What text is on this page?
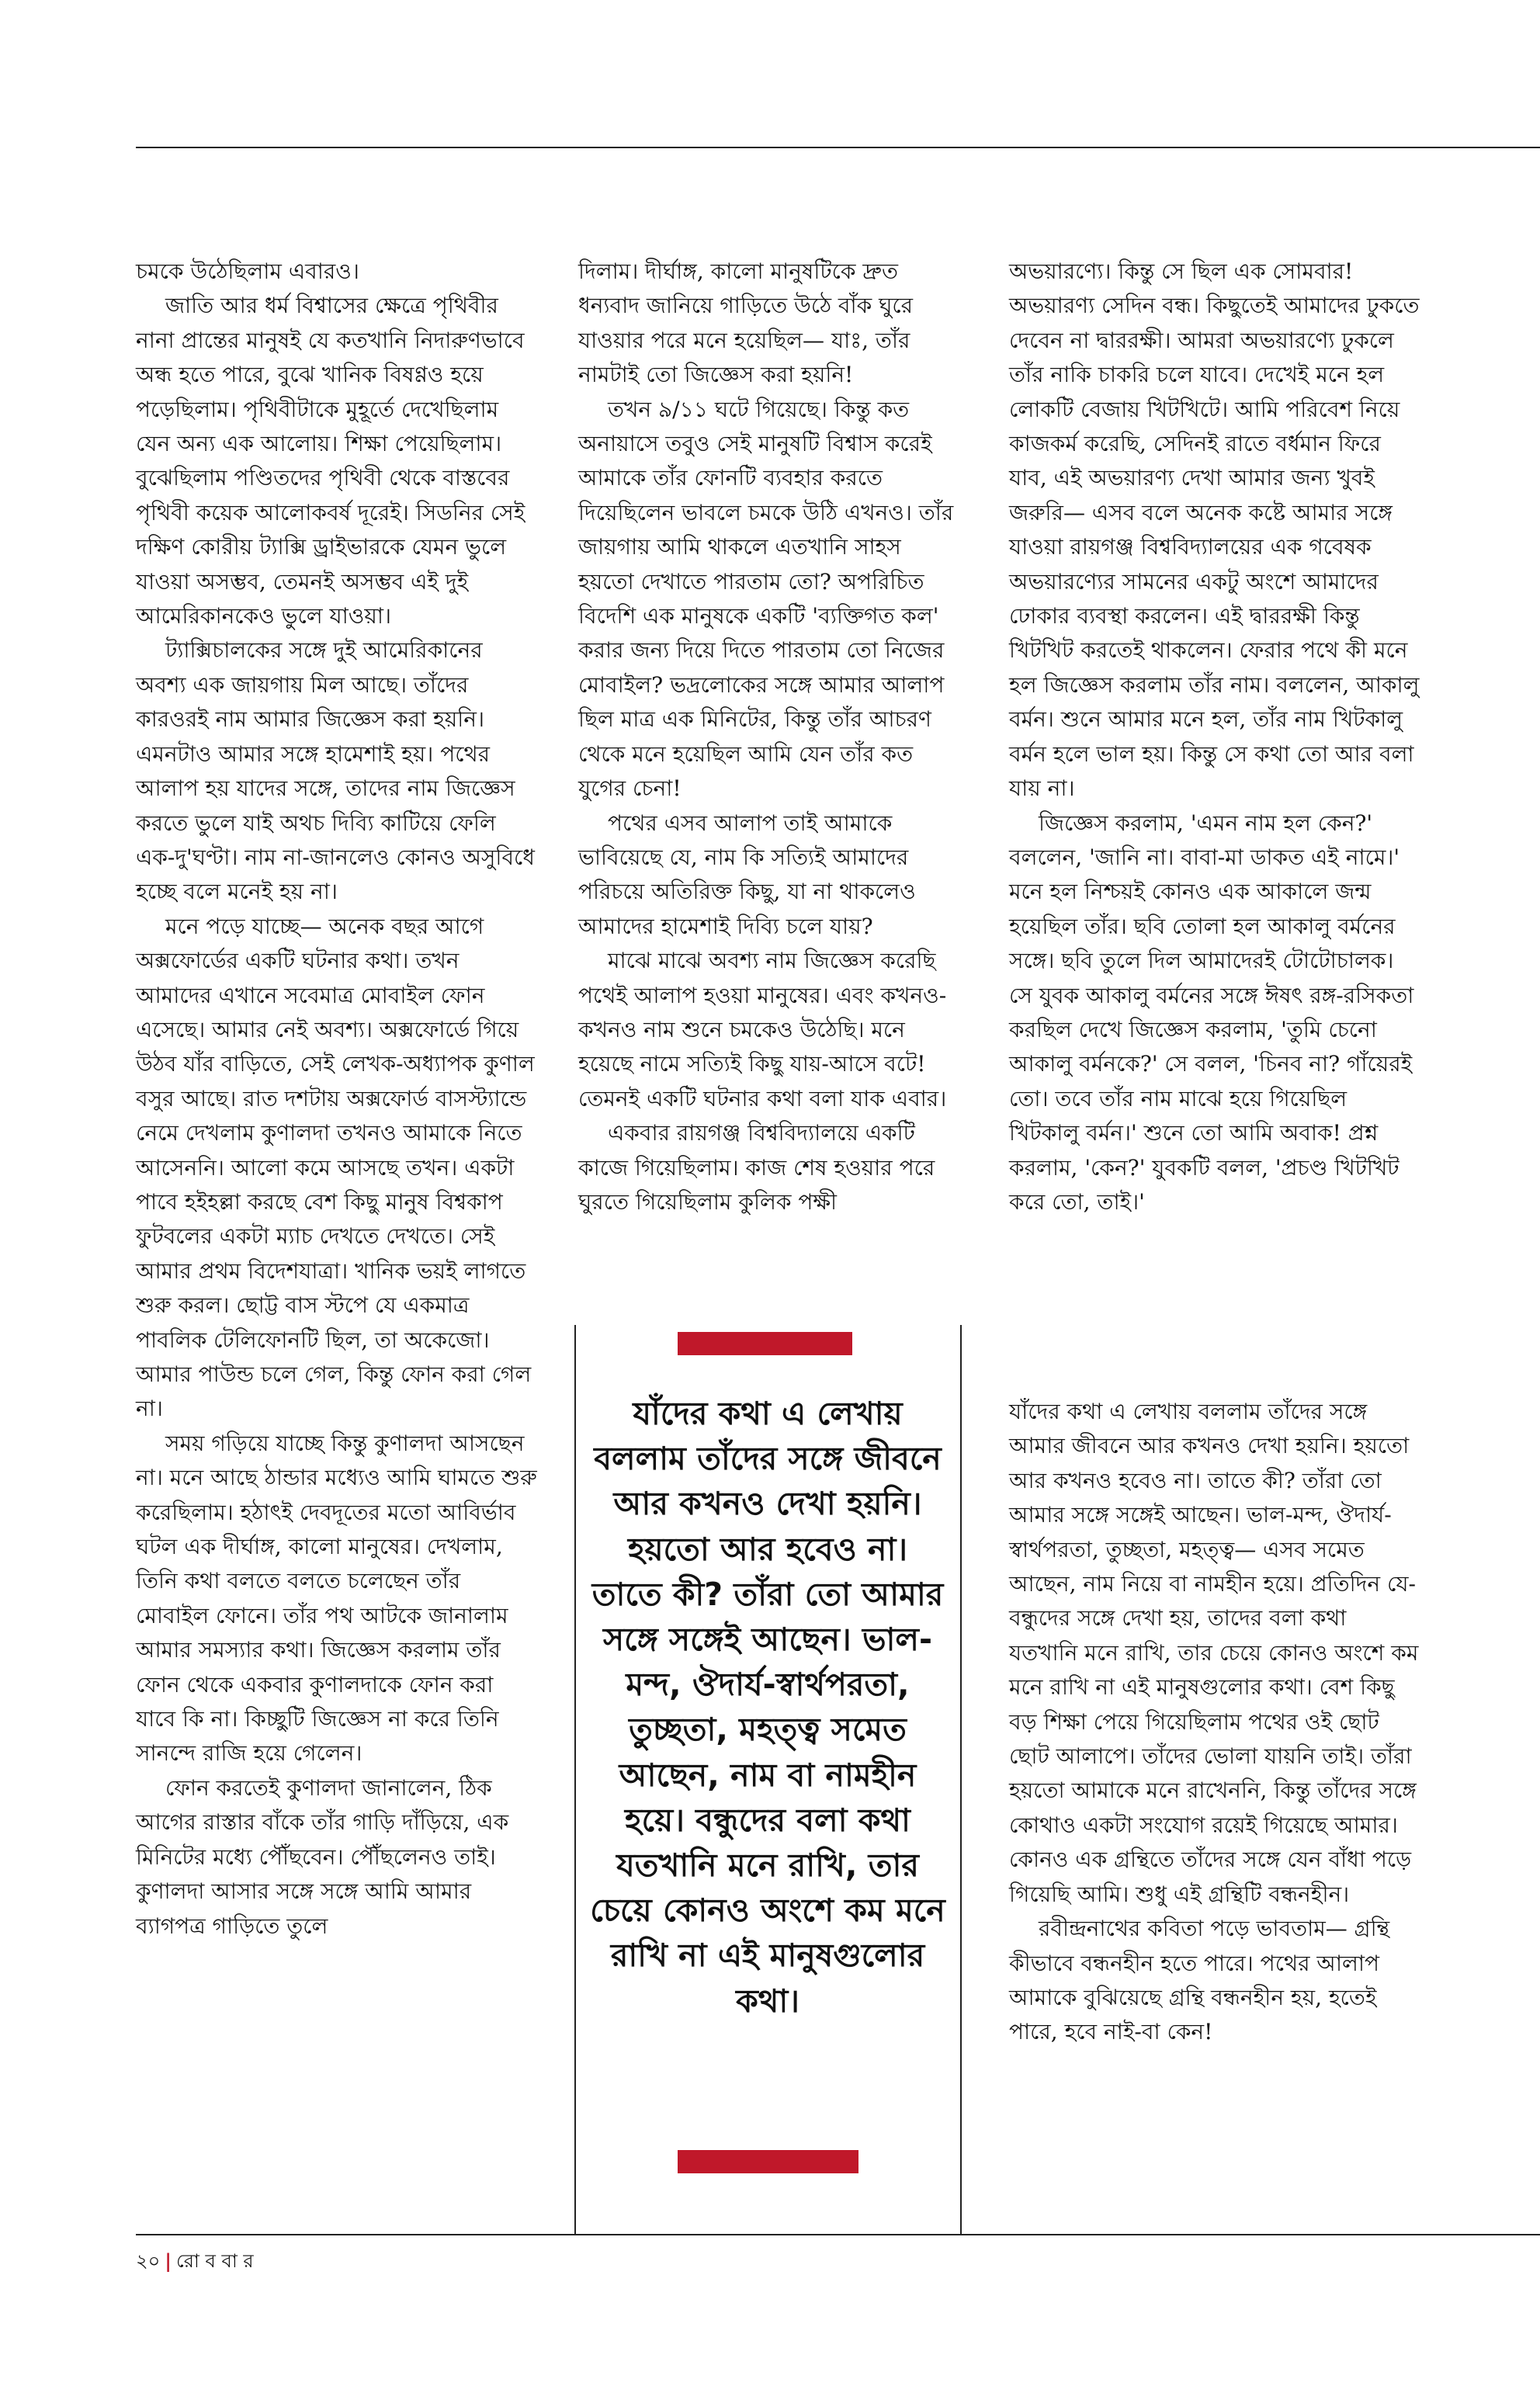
চমকে উঠেছিলাম এবারও।

জাতি আর ধর্ম বিশ্বাসের ক্ষেত্রে পৃথিবীর নানা প্রান্তের মানুষই যে কতখানি নিদারুণভাবে অন্ধ হতে পারে, বুঝে খানিক বিষণ্ণও হয়ে পড়েছিলাম। পৃথিবীটাকে মুহূর্তে দেখেছিলাম যেন অন্য এক আলোয়। শিক্ষা পেয়েছিলাম। বুঝেছিলাম পণ্ডিতদের পৃথিবী থেকে বাস্তবের পৃথিবী কয়েক আলোকবর্ষ দূরেই। সিডনির সেই দক্ষিণ কোরীয় ট্যাক্সি ড্রাইভারকে যেমন ভুলে যাওয়া অসম্ভব, তেমনই অসম্ভব এই দুই আমেরিকানকেও ভুলে যাওয়া।

ট্যাক্সিচালকের সঙ্গে দুই আমেরিকানের অবশ্য এক জায়গায় মিল আছে। তাঁদের কারওরই নাম আমার জিজ্ঞেস করা হয়নি। এমনটাও আমার সঙ্গে হামেশাই হয়। পথের আলাপ হয় যাদের সঙ্গে, তাদের নাম জিজ্ঞেস করতে ভুলে যাই অথচ দিব্যি কাটিয়ে ফেলি এক-দু'ঘণ্টা। নাম না-জানলেও কোনও অসুবিধে হচ্ছে বলে মনেই হয় না।

মনে পড়ে যাচ্ছে— অনেক বছর আগে অক্সফোর্ডের একটি ঘটনার কথা। তখন আমাদের এখানে সবেমাত্র মোবাইল ফোন এসেছে। আমার নেই অবশ্য। অক্সফোর্ডে গিয়ে উঠব যাঁর বাড়িতে, সেই লেখক-অধ্যাপক কুণাল বসুর আছে। রাত দশটায় অক্সফোর্ড বাসস্ট্যান্ডে নেমে দেখলাম কুণালদা তখনও আমাকে নিতে আসেননি। আলো কমে আসছে তখন। একটা পাবে হইহল্লা করছে বেশ কিছু মানুষ বিশ্বকাপ ফুটবলের একটা ম্যাচ দেখতে দেখতে। সেই আমার প্রথম বিদেশযাত্রা। খানিক ভয়ই লাগতে শুরু করল। ছোট্ট বাস স্টপে যে একমাত্র পাবলিক টেলিফোনটি ছিল, তা অকেজো। আমার পাউন্ড চলে গেল, কিন্তু ফোন করা গেল না।

সময় গড়িয়ে যাচ্ছে কিন্তু কুণালদা আসছেন না। মনে আছে ঠান্ডার মধ্যেও আমি ঘামতে শুরু করেছিলাম। হঠাৎই দেবদূতের মতো আবির্ভাব ঘটল এক দীর্ঘাঙ্গ, কালো মানুষের। দেখলাম, তিনি কথা বলতে বলতে চলেছেন তাঁর মোবাইল ফোনে। তাঁর পথ আটকে জানালাম আমার সমস্যার কথা। জিজ্ঞেস করলাম তাঁর ফোন থেকে একবার কুণালদাকে ফোন করা যাবে কি না। কিচ্ছুটি জিজ্ঞেস না করে তিনি সানন্দে রাজি হয়ে গেলেন।

ফোন করতেই কুণালদা জানালেন, ঠিক আগের রাস্তার বাঁকে তাঁর গাড়ি দাঁড়িয়ে, এক মিনিটের মধ্যে পৌঁছবেন। পৌঁছলেনও তাই। কুণালদা আসার সঙ্গে সঙ্গে আমি আমার ব্যাগপত্র গাড়িতে তুলে

দিলাম। দীর্ঘাঙ্গ, কালো মানুষটিকে দ্রুত ধন্যবাদ জানিয়ে গাড়িতে উঠে বাঁক ঘুরে যাওয়ার পরে মনে হয়েছিল— যাঃ, তাঁর নামটাই তো জিজ্ঞেস করা হয়নি!

তখন ৯/১১ ঘটে গিয়েছে। কিন্তু কত অনায়াসে তবুও সেই মানুষটি বিশ্বাস করেই আমাকে তাঁর ফোনটি ব্যবহার করতে দিয়েছিলেন ভাবলে চমকে উঠি এখনও। তাঁর জায়গায় আমি থাকলে এতখানি সাহস হয়তো দেখাতে পারতাম তো? অপরিচিত বিদেশি এক মানুষকে একটি 'ব্যক্তিগত কল' করার জন্য দিয়ে দিতে পারতাম তো নিজের মোবাইল? ভদ্রলোকের সঙ্গে আমার আলাপ ছিল মাত্র এক মিনিটের, কিন্তু তাঁর আচরণ থেকে মনে হয়েছিল আমি যেন তাঁর কত যুগের চেনা!

পথের এসব আলাপ তাই আমাকে ভাবিয়েছে যে, নাম কি সত্যিই আমাদের পরিচয়ে অতিরিক্ত কিছু, যা না থাকলেও আমাদের হামেশাই দিব্যি চলে যায়?

মাঝে মাঝে অবশ্য নাম জিজ্ঞেস করেছি পথেই আলাপ হওয়া মানুষের। এবং কখনও-কখনও নাম শুনে চমকেও উঠেছি। মনে হয়েছে নামে সত্যিই কিছু যায়-আসে বটে! তেমনই একটি ঘটনার কথা বলা যাক এবার।

একবার রায়গঞ্জ বিশ্ববিদ্যালয়ে একটি কাজে গিয়েছিলাম। কাজ শেষ হওয়ার পরে ঘুরতে গিয়েছিলাম কুলিক পক্ষী

অভয়ারণ্যে। কিন্তু সে ছিল এক সোমবার! অভয়ারণ্য সেদিন বন্ধ। কিছুতেই আমাদের ঢুকতে দেবেন না দ্বাররক্ষী। আমরা অভয়ারণ্যে ঢুকলে তাঁর নাকি চাকরি চলে যাবে। দেখেই মনে হল লোকটি বেজায় খিটখিটে। আমি পরিবেশ নিয়ে কাজকর্ম করেছি, সেদিনই রাতে বর্ধমান ফিরে যাব, এই অভয়ারণ্য দেখা আমার জন্য খুবই জরুরি— এসব বলে অনেক কষ্টে আমার সঙ্গে যাওয়া রায়গঞ্জ বিশ্ববিদ্যালয়ের এক গবেষক অভয়ারণ্যের সামনের একটু অংশে আমাদের ঢোকার ব্যবস্থা করলেন। এই দ্বাররক্ষী কিন্তু খিটখিট করতেই থাকলেন। ফেরার পথে কী মনে হল জিজ্ঞেস করলাম তাঁর নাম। বললেন, আকালু বর্মন। শুনে আমার মনে হল, তাঁর নাম খিটকালু বর্মন হলে ভাল হয়। কিন্তু সে কথা তো আর বলা যায় না।

জিজ্ঞেস করলাম, 'এমন নাম হল কেন?' বললেন, 'জানি না। বাবা-মা ডাকত এই নামে।' মনে হল নিশ্চয়ই কোনও এক আকালে জন্ম হয়েছিল তাঁর। ছবি তোলা হল আকালু বর্মনের সঙ্গে। ছবি তুলে দিল আমাদেরই টোটোচালক। সে যুবক আকালু বর্মনের সঙ্গে ঈষৎ রঙ্গ-রসিকতা করছিল দেখে জিজ্ঞেস করলাম, 'তুমি চেনো আকালু বর্মনকে?' সে বলল, 'চিনব না? গাঁয়েরই তো। তবে তাঁর নাম মাঝে হয়ে গিয়েছিল খিটকালু বর্মন।' শুনে তো আমি অবাক! প্রশ্ন করলাম, 'কেন?' যুবকটি বলল, 'প্রচণ্ড খিটখিট করে তো, তাই।'

যাঁদের কথা এ লেখায় বললাম তাঁদের সঙ্গে আমার জীবনে আর কখনও দেখা হয়নি। হয়তো আর কখনও হবেও না। তাতে কী? তাঁরা তো আমার সঙ্গে সঙ্গেই আছেন। ভাল-মন্দ, ঔদার্য-স্বার্থপরতা, তুচ্ছতা, মহত্ত্ব— এসব সমেত আছেন, নাম নিয়ে বা নামহীন হয়ে। প্রতিদিন যে-বন্ধুদের সঙ্গে দেখা হয়, তাদের বলা কথা যতখানি মনে রাখি, তার চেয়ে কোনও অংশে কম মনে রাখি না এই মানুষগুলোর কথা। বেশ কিছু বড় শিক্ষা পেয়ে গিয়েছিলাম পথের ওই ছোট ছোট আলাপে। তাঁদের ভোলা যায়নি তাই। তাঁরা হয়তো আমাকে মনে রাখেননি, কিন্তু তাঁদের সঙ্গে কোথাও একটা সংযোগ রয়েই গিয়েছে আমার। কোনও এক গ্রন্থিতে তাঁদের সঙ্গে যেন বাঁধা পড়ে গিয়েছি আমি। শুধু এই গ্রন্থিটি বন্ধনহীন।

রবীন্দ্রনাথের কবিতা পড়ে ভাবতাম— গ্রন্থি কীভাবে বন্ধনহীন হতে পারে। পথের আলাপ আমাকে বুঝিয়েছে গ্রন্থি বন্ধনহীন হয়, হতেই পারে, হবে নাই-বা কেন!

যাঁদের কথা এ লেখায় বললাম তাঁদের সঙ্গে জীবনে আর কখনও দেখা হয়নি। হয়তো আর হবেও না। তাতে কী? তাঁরা তো আমার সঙ্গে সঙ্গেই আছেন। ভাল-মন্দ, ঔদার্য-স্বার্থপরতা, তুচ্ছতা, মহত্ত্ব সমেত আছেন, নাম বা নামহীন হয়ে। বন্ধুদের বলা কথা যতখানি মনে রাখি, তার চেয়ে কোনও অংশে কম মনে রাখি না এই মানুষগুলোর কথা।
২০ | রো ব বা র
